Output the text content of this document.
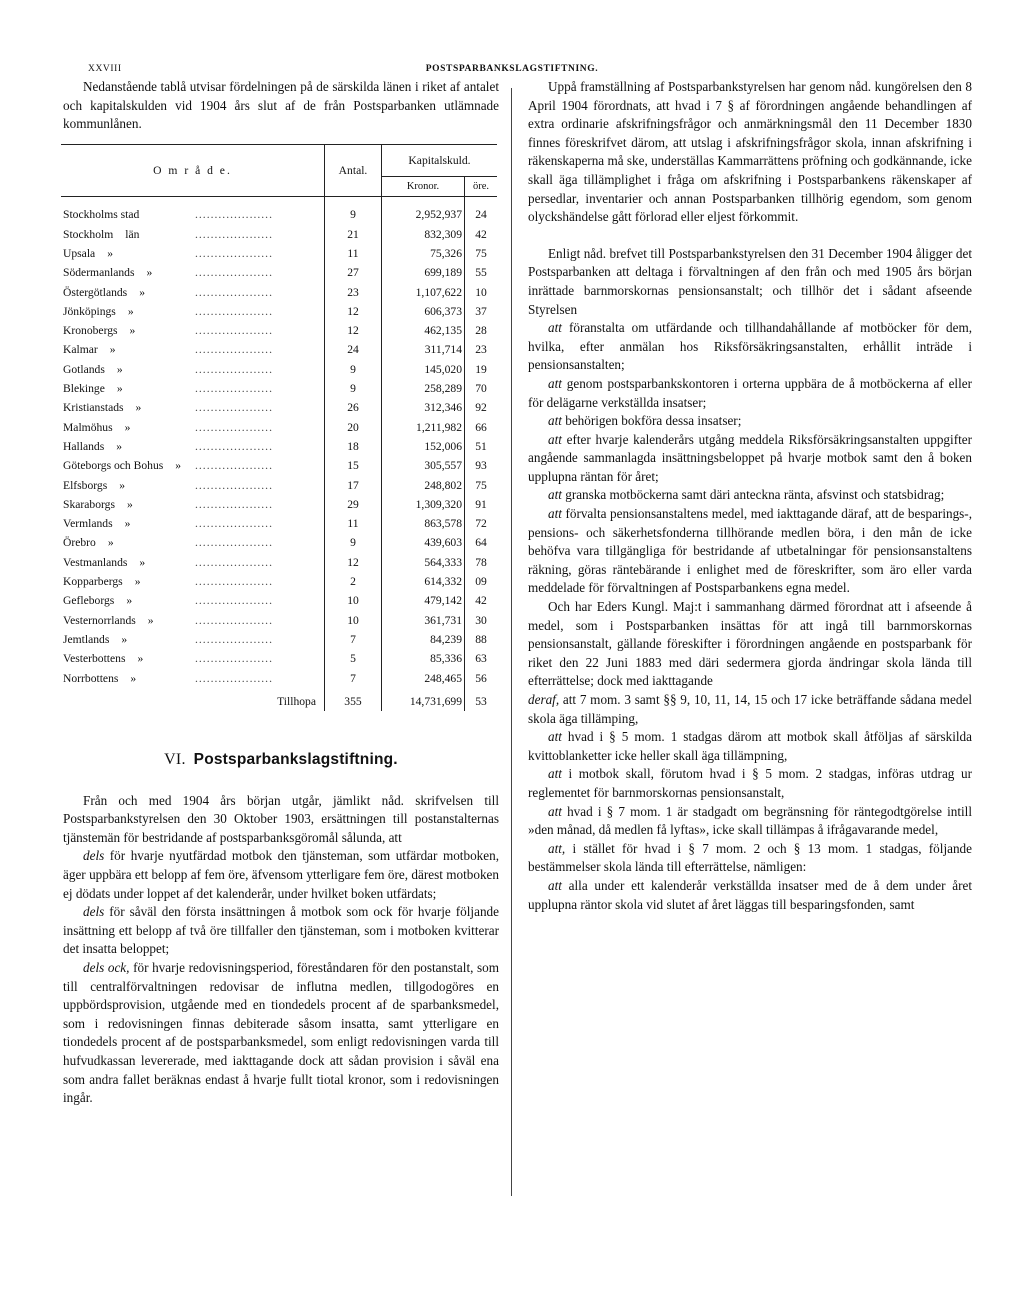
XXVIII	POSTSPARBANKSLAGSTIFTNING.

Nedanstående tablå utvisar fördelningen på de särskilda länen i riket af antalet och kapitalskulden vid 1904 års slut af de från Postsparbanken utlämnade kommunlånen.

O m r å d e.	Antal.	Kapitalskuld.	
		Kronor.	öre.
Stockholms stad ....................	9	2,952,937	24
Stockholm län ....................	21	832,309	42
Upsala » ....................	11	75,326	75
Södermanlands » ....................	27	699,189	55
Östergötlands » ....................	23	1,107,622	10
Jönköpings » ....................	12	606,373	37
Kronobergs » ....................	12	462,135	28
Kalmar » ....................	24	311,714	23
Gotlands » ....................	9	145,020	19
Blekinge » ....................	9	258,289	70
Kristianstads » ....................	26	312,346	92
Malmöhus » ....................	20	1,211,982	66
Hallands » ....................	18	152,006	51
Göteborgs och Bohus » ....................	15	305,557	93
Elfsborgs » ....................	17	248,802	75
Skaraborgs » ....................	29	1,309,320	91
Vermlands » ....................	11	863,578	72
Örebro » ....................	9	439,603	64
Vestmanlands » ....................	12	564,333	78
Kopparbergs » ....................	2	614,332	09
Gefleborgs » ....................	10	479,142	42
Vesternorrlands » ....................	10	361,731	30
Jemtlands » ....................	7	84,239	88
Vesterbottens » ....................	5	85,336	63
Norrbottens » ....................	7	248,465	56
Tillhopa	355	14,731,699	53
VI. Postsparbankslagstiftning.

Från och med 1904 års början utgår, jämlikt nåd. skrifvelsen till Postsparbankstyrelsen den 30 Oktober 1903, ersättningen till postanstalternas tjänstemän för bestridande af postsparbanksgöromål sålunda, att

dels för hvarje nyutfärdad motbok den tjänsteman, som utfärdar motboken, äger uppbära ett belopp af fem öre, äfvensom ytterligare fem öre, därest motboken ej dödats under loppet af det kalenderår, under hvilket boken utfärdats;

dels för såväl den första insättningen å motbok som ock för hvarje följande insättning ett belopp af två öre tillfaller den tjänsteman, som i motboken kvitterar det insatta beloppet;

dels ock, för hvarje redovisningsperiod, föreståndaren för den postanstalt, som till centralförvaltningen redovisar de influtna medlen, tillgodogöres en uppbördsprovision, utgående med en tiondedels procent af de sparbanksmedel, som i redovisningen finnas debiterade såsom insatta, samt ytterligare en tiondedels procent af de postsparbanksmedel, som enligt redovisningen varda till hufvudkassan levererade, med iakttagande dock att sådan provision i såväl ena som andra fallet beräknas endast å hvarje fullt tiotal kronor, som i redovisningen ingår.

Uppå framställning af Postsparbankstyrelsen har genom nåd. kungörelsen den 8 April 1904 förordnats, att hvad i 7 § af förordningen angående behandlingen af extra ordinarie afskrifningsfrågor och anmärkningsmål den 11 December 1830 finnes föreskrifvet därom, att utslag i afskrifningsfrågor skola, innan afskrifning i räkenskaperna må ske, underställas Kammarrättens pröfning och godkännande, icke skall äga tillämplighet i fråga om afskrifning i Postsparbankens räkenskaper af persedlar, inventarier och annan Postsparbanken tillhörig egendom, som genom olyckshändelse gått förlorad eller eljest förkommit.

Enligt nåd. brefvet till Postsparbankstyrelsen den 31 December 1904 åligger det Postsparbanken att deltaga i förvaltningen af den från och med 1905 års början inrättade barnmorskornas pensionsanstalt; och tillhör det i sådant afseende Styrelsen

att föranstalta om utfärdande och tillhandahållande af motböcker för dem, hvilka, efter anmälan hos Riksförsäkringsanstalten, erhållit inträde i pensionsanstalten;

att genom postsparbankskontoren i orterna uppbära de å motböckerna af eller för delägarne verkställda insatser;

att behörigen bokföra dessa insatser;

att efter hvarje kalenderårs utgång meddela Riksförsäkringsanstalten uppgifter angående sammanlagda insättningsbeloppet på hvarje motbok samt den å boken upplupna räntan för året;

att granska motböckerna samt däri anteckna ränta, afsvinst och statsbidrag;

att förvalta pensionsanstaltens medel, med iakttagande däraf, att de besparings-, pensions- och säkerhetsfonderna tillhörande medlen böra, i den mån de icke behöfva vara tillgängliga för bestridande af utbetalningar för pensionsanstaltens räkning, göras räntebärande i enlighet med de föreskrifter, som äro eller varda meddelade för förvaltningen af Postsparbankens egna medel.

Och har Eders Kungl. Maj:t i sammanhang därmed förordnat att i afseende å medel, som i Postsparbanken insättas för att ingå till barnmorskornas pensionsanstalt, gällande föreskifter i förordningen angående en postsparbank för riket den 22 Juni 1883 med däri sedermera gjorda ändringar skola lända till efterrättelse; dock med iakttagande

deraf, att 7 mom. 3 samt §§ 9, 10, 11, 14, 15 och 17 icke beträffande sådana medel skola äga tillämping,

att hvad i § 5 mom. 1 stadgas därom att motbok skall åtföljas af särskilda kvittoblanketter icke heller skall äga tillämpning,

att i motbok skall, förutom hvad i § 5 mom. 2 stadgas, införas utdrag ur reglementet för barnmorskornas pensionsanstalt,

att hvad i § 7 mom. 1 är stadgadt om begränsning för räntegodtgörelse intill »den månad, då medlen få lyftas», icke skall tillämpas å ifrågavarande medel,

att, i stället för hvad i § 7 mom. 2 och § 13 mom. 1 stadgas, följande bestämmelser skola lända till efterrättelse, nämligen:

att alla under ett kalenderår verkställda insatser med de å dem under året upplupna räntor skola vid slutet af året läggas till besparingsfonden, samt
